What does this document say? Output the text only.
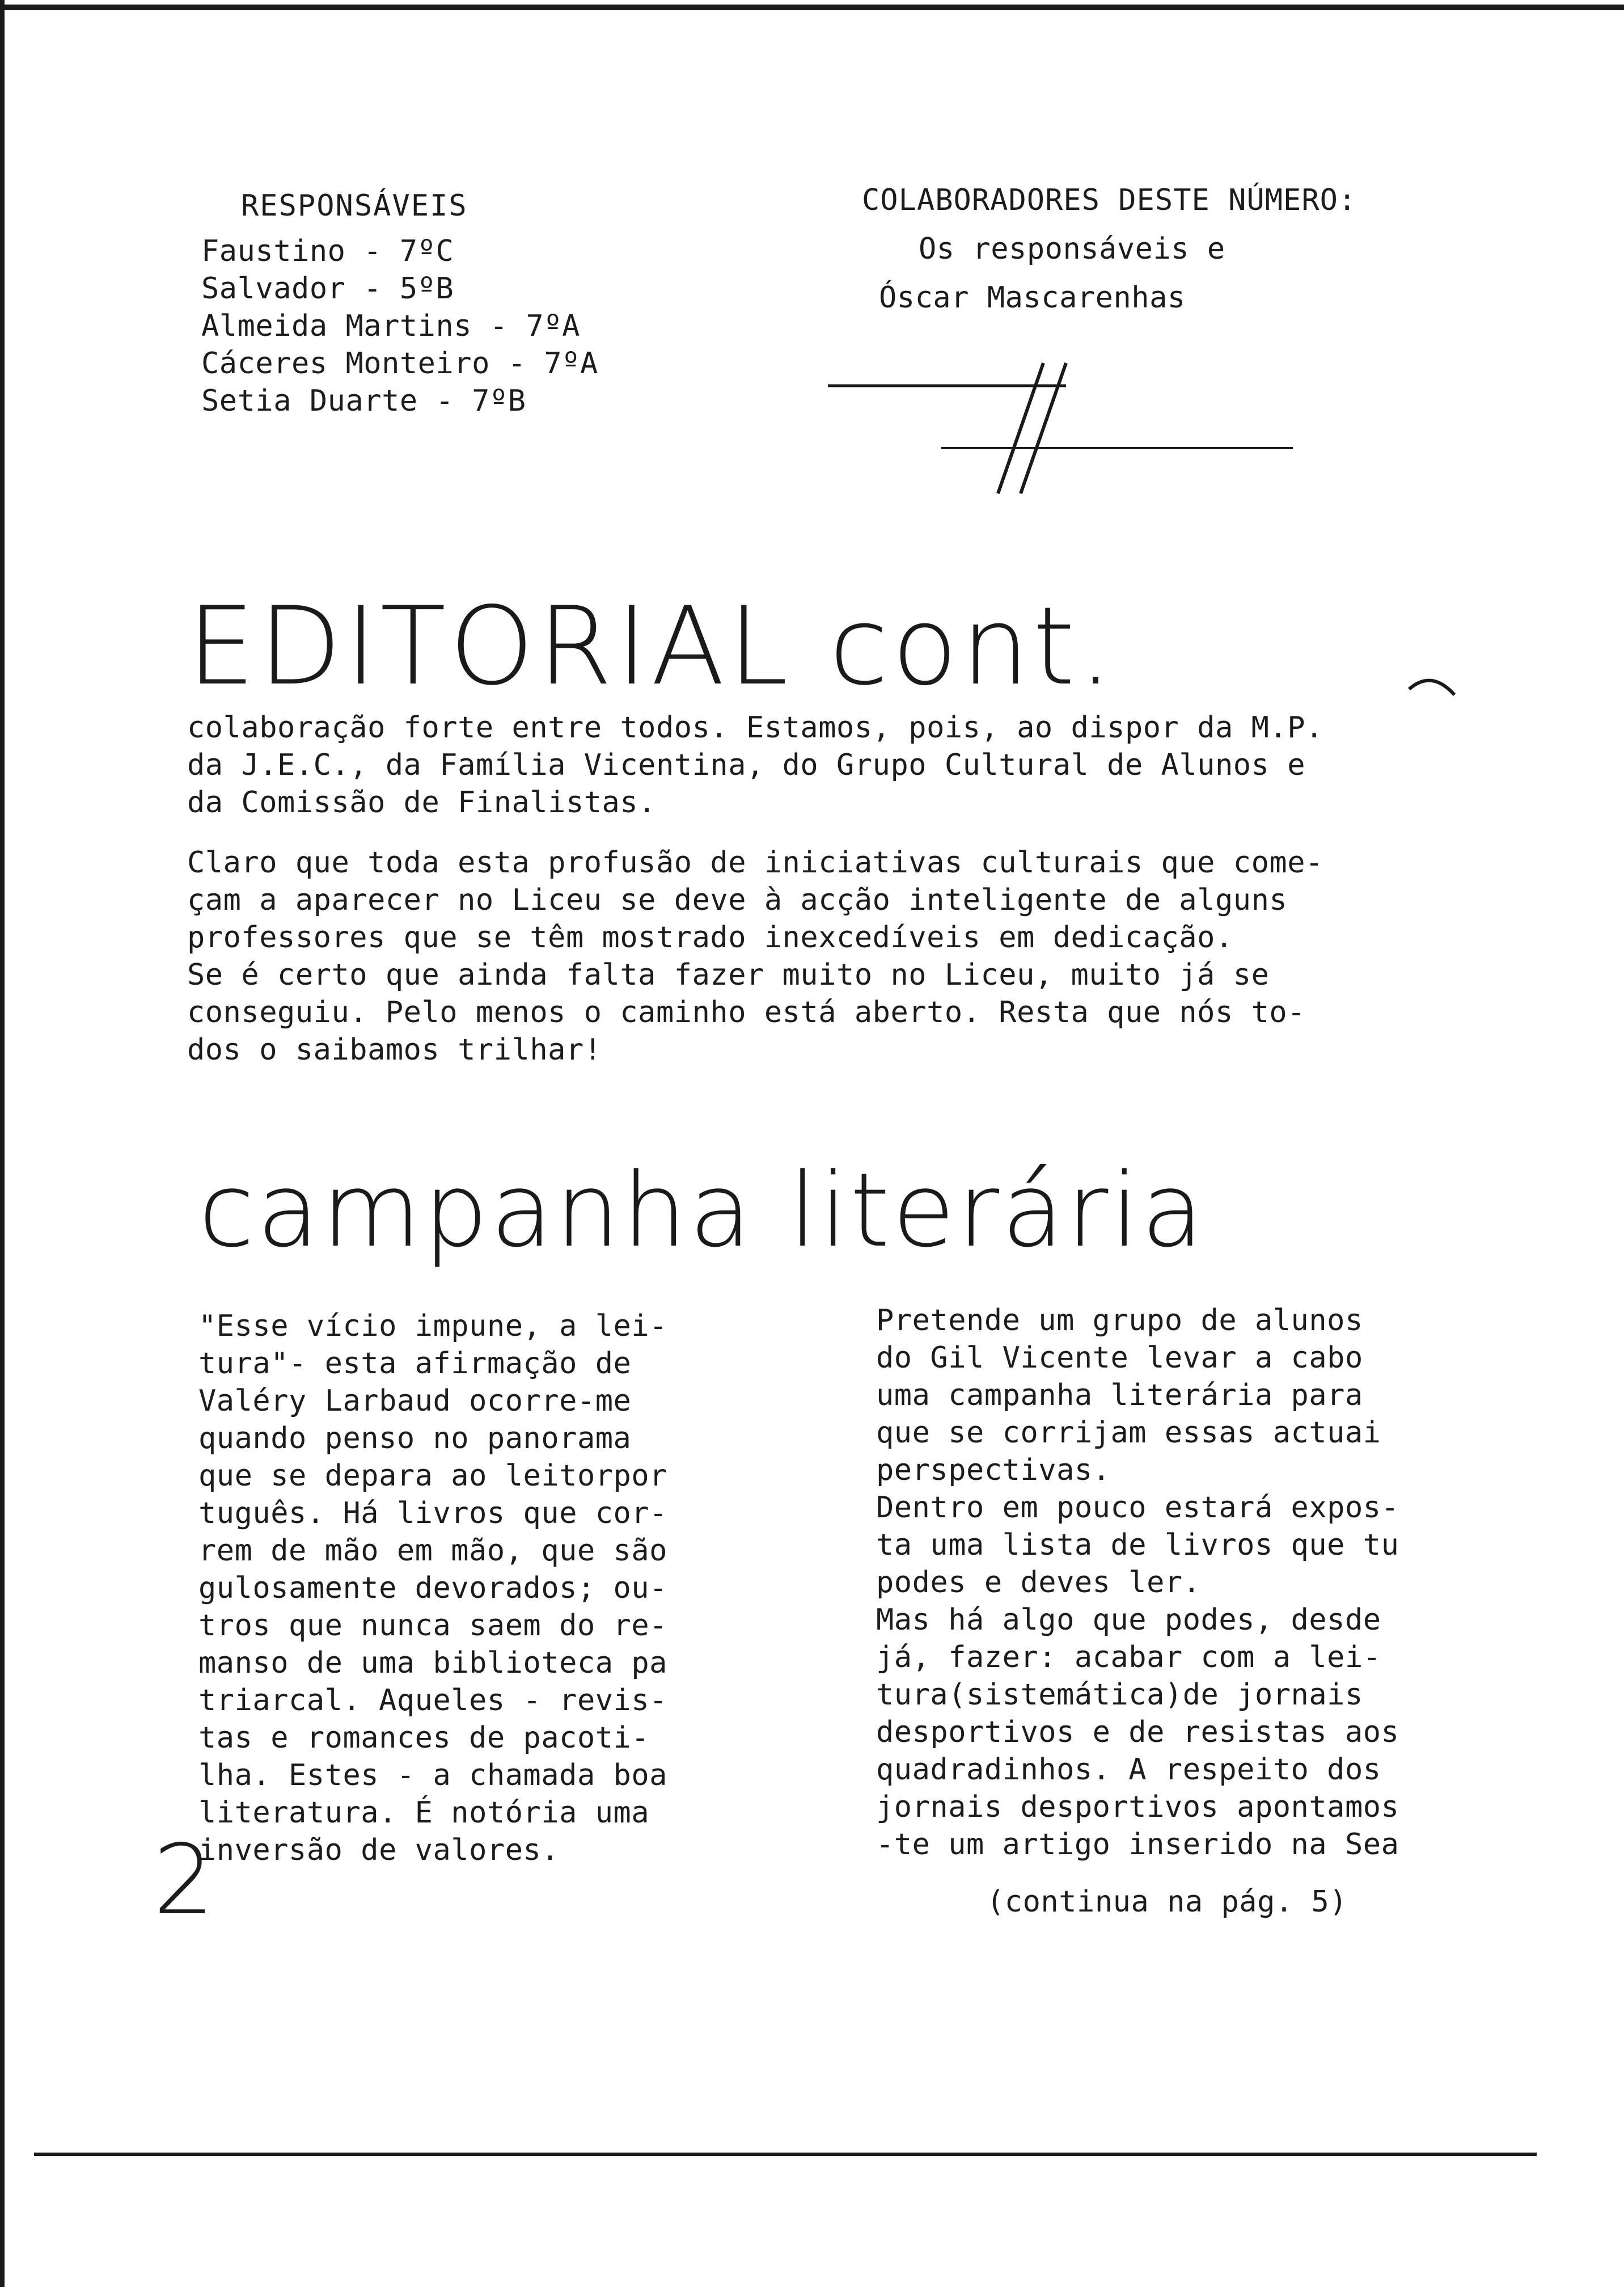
RESPONSÁVEIS
Faustino - 7ºC
Salvador - 5ºB
Almeida Martins - 7ºA
Cáceres Monteiro - 7ºA
Setia Duarte - 7ºB
COLABORADORES DESTE NÚMERO:
Os responsáveis e
Óscar Mascarenhas
EDITORIAL cont.
colaboração forte entre todos. Estamos, pois, ao dispor da M.P.
da J.E.C., da Família Vicentina, do Grupo Cultural de Alunos e
da Comissão de Finalistas.
Claro que toda esta profusão de iniciativas culturais que come-
çam a aparecer no Liceu se deve à acção inteligente de alguns
professores que se têm mostrado inexcedíveis em dedicação.
Se é certo que ainda falta fazer muito no Liceu, muito já se
conseguiu. Pelo menos o caminho está aberto. Resta que nós to-
dos o saibamos trilhar!
campanha literária
"Esse vício impune, a lei-
tura"- esta afirmação de
Valéry Larbaud ocorre-me
quando penso no panorama
que se depara ao leitorpor
tuguês. Há livros que cor-
rem de mão em mão, que são
gulosamente devorados; ou-
tros que nunca saem do re-
manso de uma biblioteca pa
triarcal. Aqueles - revis-
tas e romances de pacoti-
lha. Estes - a chamada boa
literatura. É notória uma
inversão de valores.
Pretende um grupo de alunos
do Gil Vicente levar a cabo
uma campanha literária para
que se corrijam essas actuai
perspectivas.
Dentro em pouco estará expos-
ta uma lista de livros que tu
podes e deves ler.
Mas há algo que podes, desde
já, fazer: acabar com a lei-
tura(sistemática)de jornais
desportivos e de resistas aos
quadradinhos. A respeito dos
jornais desportivos apontamos
-te um artigo inserido na Sea
(continua na pág. 5)
2
